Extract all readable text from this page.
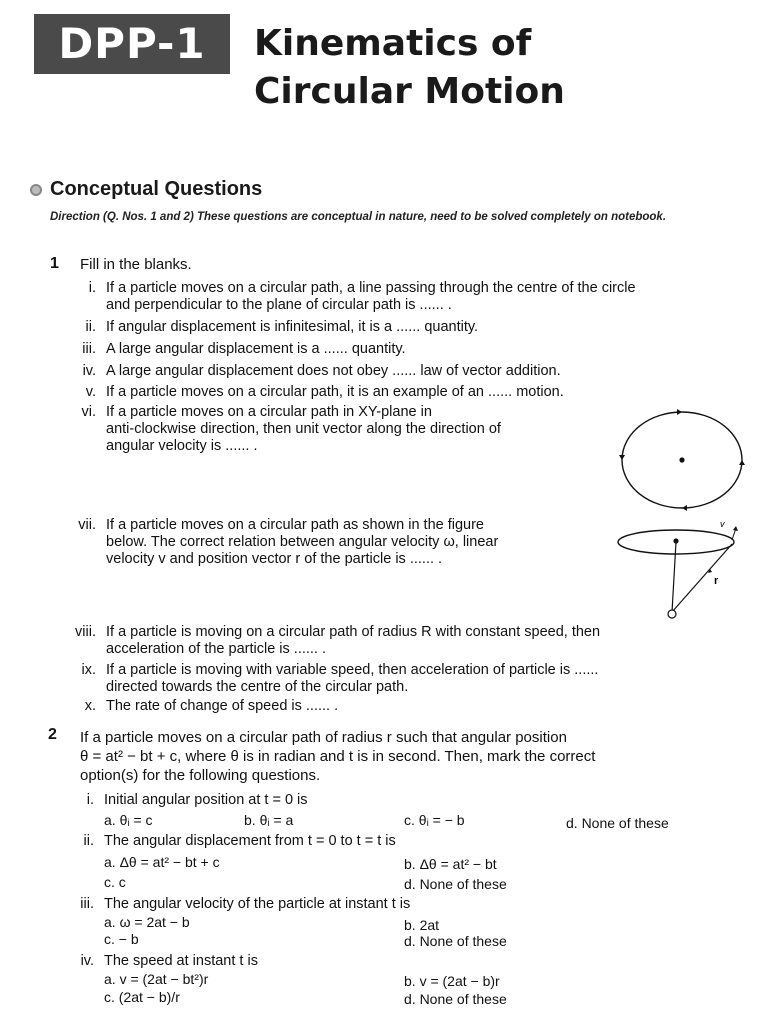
DPP-1	Kinematics of
Circular Motion
Conceptual Questions
Direction (Q. Nos. 1 and 2) These questions are conceptual in nature, need to be solved completely on notebook.
1 Fill in the blanks.
i. If a particle moves on a circular path, a line passing through the centre of the circle
and perpendicular to the plane of circular path is ...... .
ii. If angular displacement is infinitesimal, it is a ...... quantity.
iii. A large angular displacement is a ...... quantity.
iv. A large angular displacement does not obey ...... law of vector addition.
v. If a particle moves on a circular path, it is an example of an ...... motion.
vi. If a particle moves on a circular path in XY-plane in
anti-clockwise direction, then unit vector along the direction of
angular velocity is ...... .
vii. If a particle moves on a circular path as shown in the figure
below. The correct relation between angular velocity ω, linear
velocity v and position vector r of the particle is ...... .
viii. If a particle is moving on a circular path of radius R with constant speed, then
acceleration of the particle is ...... .
ix. If a particle is moving with variable speed, then acceleration of particle is ......
directed towards the centre of the circular path.
x. The rate of change of speed is ...... .
v
r
2 If a particle moves on a circular path of radius r such that angular position
θ = at² − bt + c, where θ is in radian and t is in second. Then, mark the correct
option(s) for the following questions.
i. Initial angular position at t = 0 is
a. θᵢ = c	b. θᵢ = a	c. θᵢ = − b	d. None of these
ii. The angular displacement from t = 0 to t = t is
a. Δθ = at² − bt + c	b. Δθ = at² − bt
c. c	d. None of these
iii. The angular velocity of the particle at instant t is
a. ω = 2at − b	b. 2at
c. − b	d. None of these
iv. The speed at instant t is
a. v = (2at − bt²)r	b. v = (2at − b)r
c. (2at − b)/r	d. None of these
